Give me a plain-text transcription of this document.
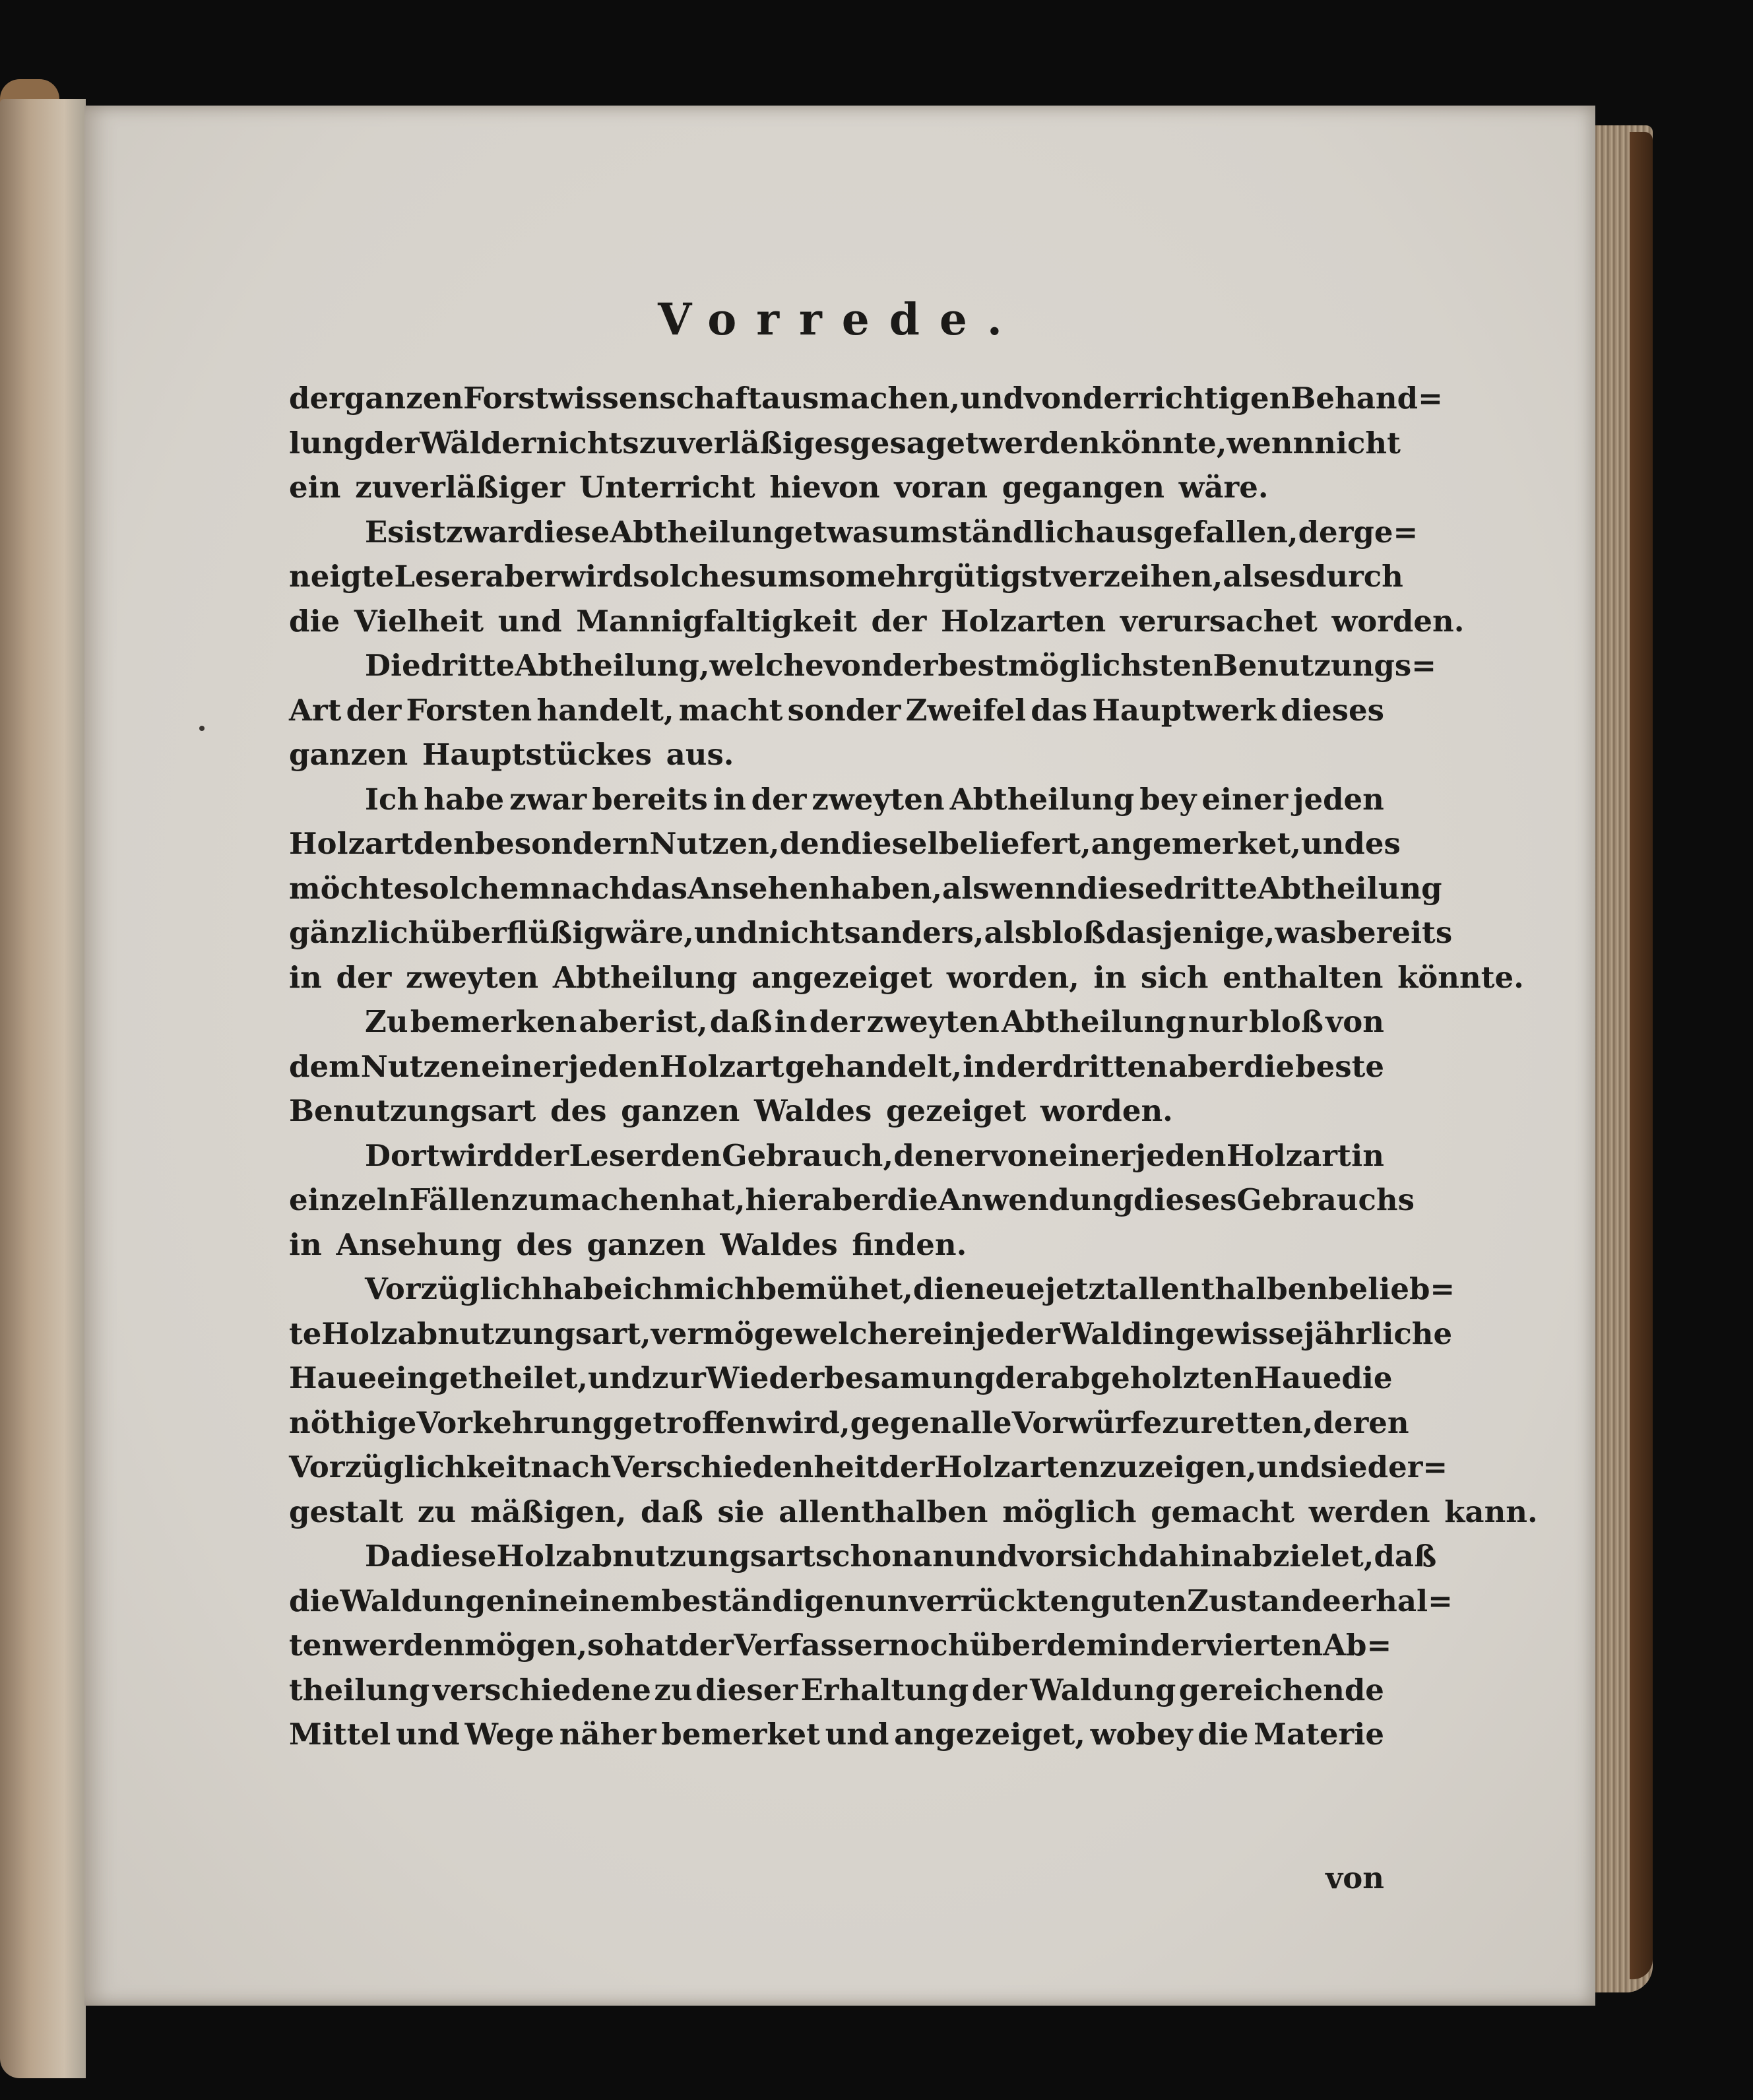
Vorrede.
der ganzen Forstwissenschaft ausmachen, und von der richtigen Behand=
lung der Wälder nichts zuverläßiges gesaget werden könnte, wenn nicht
ein zuverläßiger Unterricht hievon voran gegangen wäre.
Es ist zwar diese Abtheilung etwas umständlich ausgefallen, der ge=
neigte Leser aber wird solches um so mehr gütigst verzeihen, als es durch
die Vielheit und Mannigfaltigkeit der Holzarten verursachet worden.
Die dritte Abtheilung, welche von der bestmöglichsten Benutzungs=
Art der Forsten handelt, macht sonder Zweifel das Hauptwerk dieses
ganzen Hauptstückes aus.
Ich habe zwar bereits in der zweyten Abtheilung bey einer jeden
Holzart den besondern Nutzen, den dieselbe liefert, angemerket, und es
möchte solchemnach das Ansehen haben, als wenn diese dritte Abtheilung
gänzlich überflüßig wäre, und nichts anders, als bloß dasjenige, was bereits
in der zweyten Abtheilung angezeiget worden, in sich enthalten könnte.
Zu bemerken aber ist, daß in der zweyten Abtheilung nur bloß von
dem Nutzen einer jeden Holzart gehandelt, in der dritten aber die beste
Benutzungsart des ganzen Waldes gezeiget worden.
Dort wird der Leser den Gebrauch, den er von einer jeden Holzart in
einzeln Fällen zu machen hat, hier aber die Anwendung dieses Gebrauchs
in Ansehung des ganzen Waldes finden.
Vorzüglich habe ich mich bemühet, die neue jetzt allenthalben belieb=
te Holzabnutzungsart, vermöge welcher ein jeder Wald in gewisse jährliche
Haue eingetheilet, und zur Wiederbesamung der abgeholzten Haue die
nöthige Vorkehrung getroffen wird, gegen alle Vorwürfe zu retten, deren
Vorzüglichkeit nach Verschiedenheit der Holzarten zu zeigen, und sie der=
gestalt zu mäßigen, daß sie allenthalben möglich gemacht werden kann.
Da diese Holzabnutzungsart schon an und vor sich dahin abzielet, daß
die Waldungen in einem beständigen unverrückten guten Zustande erhal=
ten werden mögen, so hat der Verfasser noch überdem in der vierten Ab=
theilung verschiedene zu dieser Erhaltung der Waldung gereichende
Mittel und Wege näher bemerket und angezeiget, wobey die Materie
von
